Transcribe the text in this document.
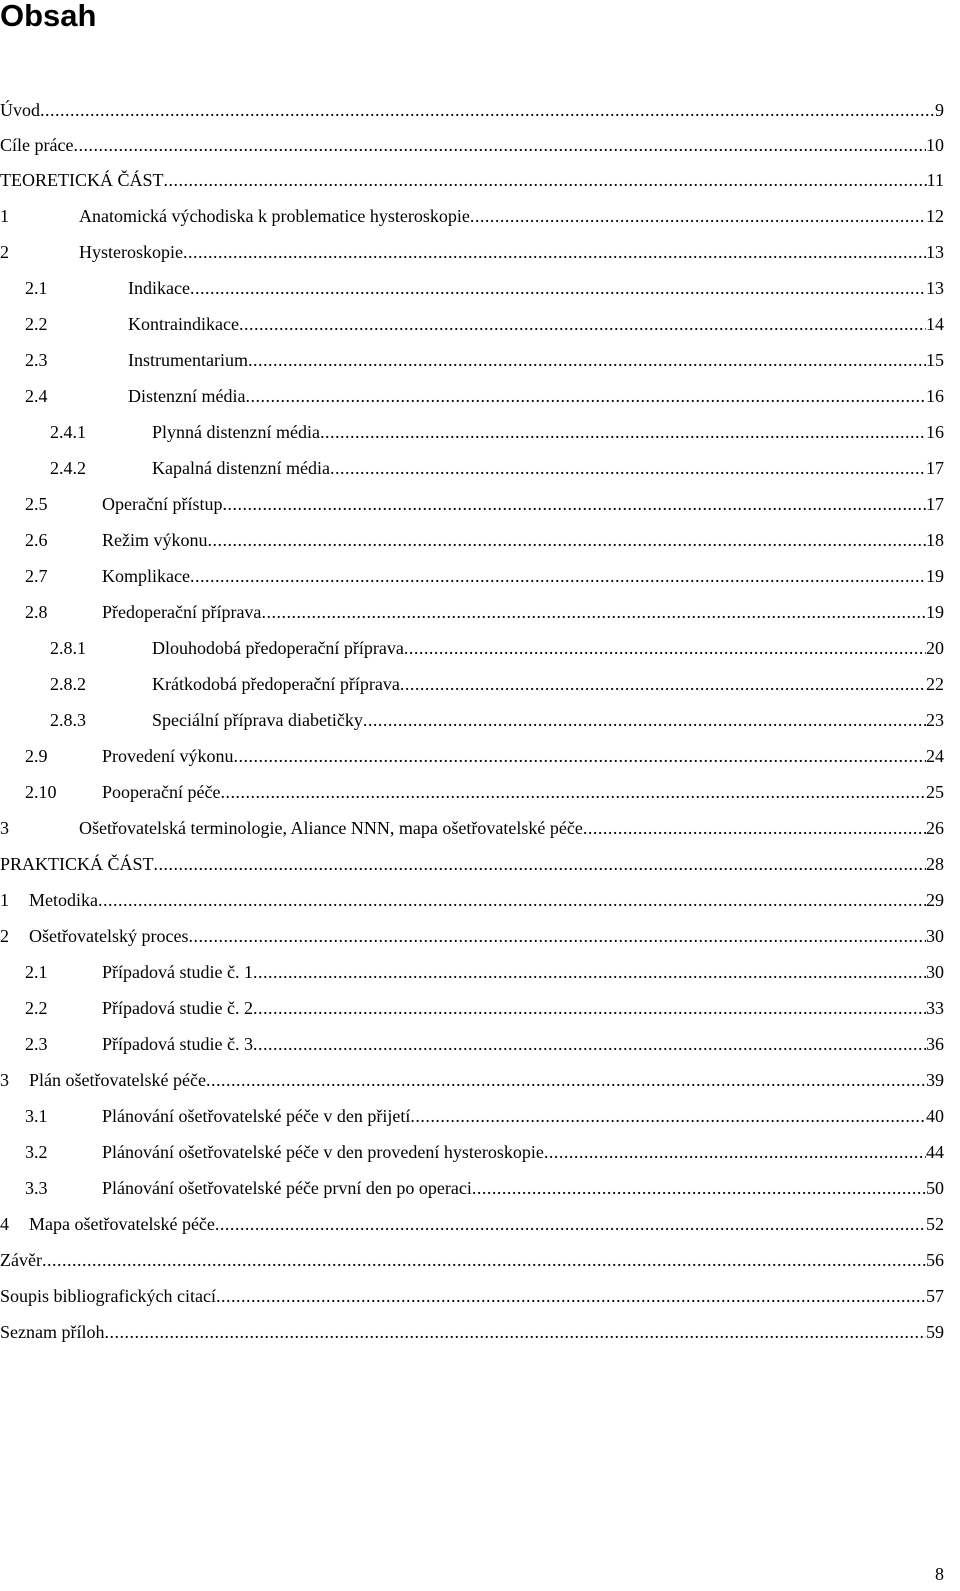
Obsah
Úvod .....	9
Cíle práce .....	10
TEORETICKÁ ČÁST .....	11
1	Anatomická východiska k problematice hysteroskopie .....	12
2	Hysteroskopie .....	13
2.1	Indikace .....	13
2.2	Kontraindikace .....	14
2.3	Instrumentarium .....	15
2.4	Distenzní média .....	16
2.4.1	Plynná distenzní média .....	16
2.4.2	Kapalná distenzní média .....	17
2.5	Operační přístup .....	17
2.6	Režim výkonu .....	18
2.7	Komplikace .....	19
2.8	Předoperační příprava .....	19
2.8.1	Dlouhodobá předoperační příprava .....	20
2.8.2	Krátkodobá předoperační příprava .....	22
2.8.3	Speciální příprava diabetičky .....	23
2.9	Provedení výkonu .....	24
2.10	Pooperační péče .....	25
3	Ošetřovatelská terminologie, Aliance NNN, mapa ošetřovatelské péče .....	26
PRAKTICKÁ ČÁST .....	28
1	Metodika .....	29
2	Ošetřovatelský proces .....	30
2.1	Případová studie č. 1 .....	30
2.2	Případová studie č. 2 .....	33
2.3	Případová studie č. 3 .....	36
3	Plán ošetřovatelské péče .....	39
3.1	Plánování ošetřovatelské péče v den přijetí .....	40
3.2	Plánování ošetřovatelské péče v den provedení hysteroskopie .....	44
3.3	Plánování ošetřovatelské péče první den po operaci .....	50
4	Mapa ošetřovatelské péče .....	52
Závěr .....	56
Soupis bibliografických citací .....	57
Seznam příloh .....	59
8
